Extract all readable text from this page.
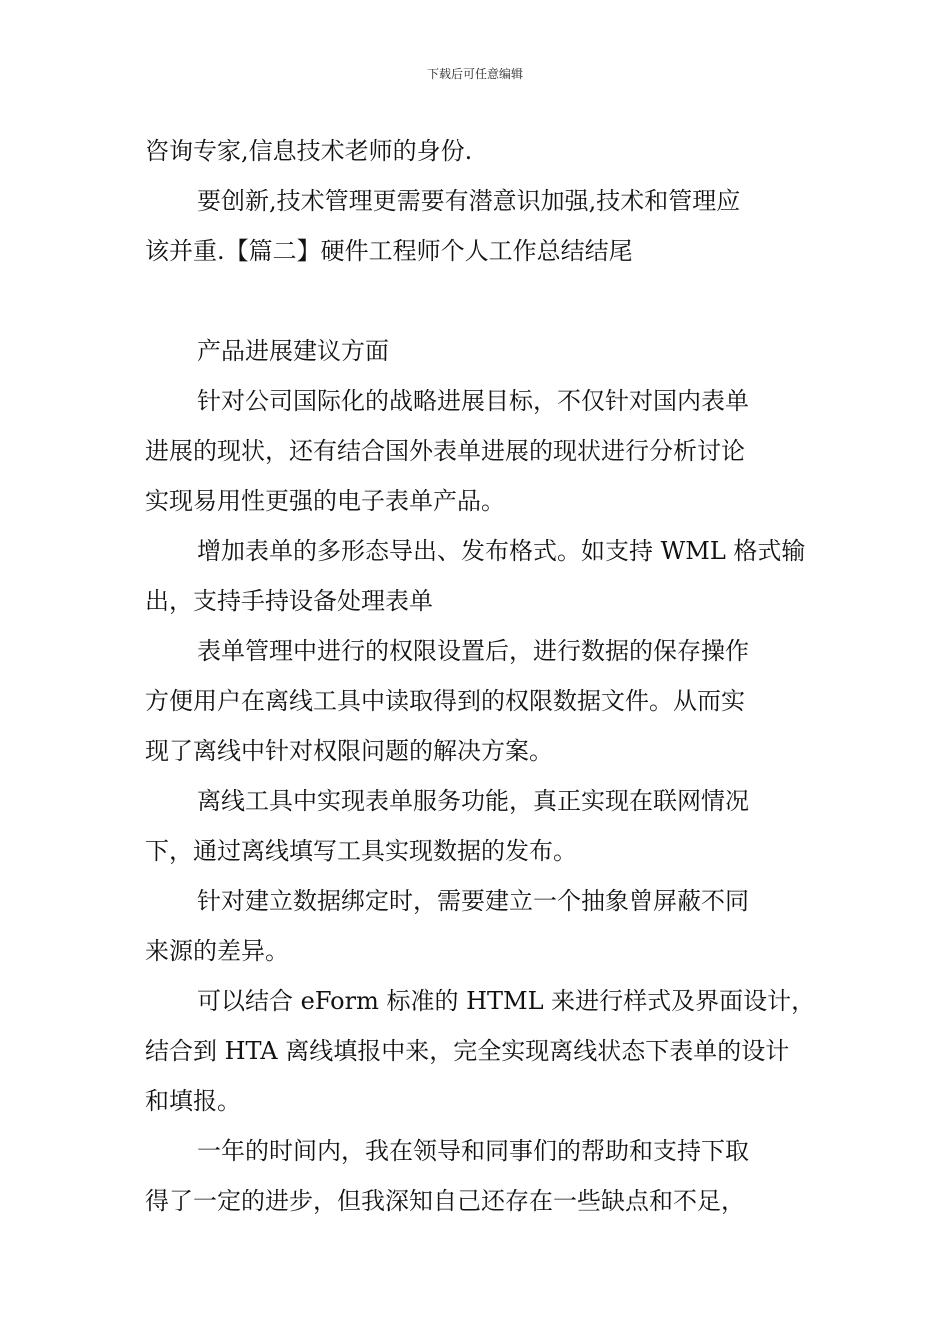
下载后可任意编辑

咨询专家,信息技术老师的身份.

要创新,技术管理更需要有潜意识加强,技术和管理应

该并重.【篇二】硬件工程师个人工作总结结尾

产品进展建议方面

针对公司国际化的战略进展目标，不仅针对国内表单

进展的现状，还有结合国外表单进展的现状进行分析讨论

实现易用性更强的电子表单产品。

增加表单的多形态导出、发布格式。如支持 WML 格式输

出，支持手持设备处理表单

表单管理中进行的权限设置后，进行数据的保存操作

方便用户在离线工具中读取得到的权限数据文件。从而实

现了离线中针对权限问题的解决方案。

离线工具中实现表单服务功能，真正实现在联网情况

下，通过离线填写工具实现数据的发布。

针对建立数据绑定时，需要建立一个抽象曾屏蔽不同

来源的差异。

可以结合 eForm 标准的 HTML 来进行样式及界面设计，

结合到 HTA 离线填报中来，完全实现离线状态下表单的设计

和填报。

一年的时间内，我在领导和同事们的帮助和支持下取

得了一定的进步，但我深知自己还存在一些缺点和不足，
